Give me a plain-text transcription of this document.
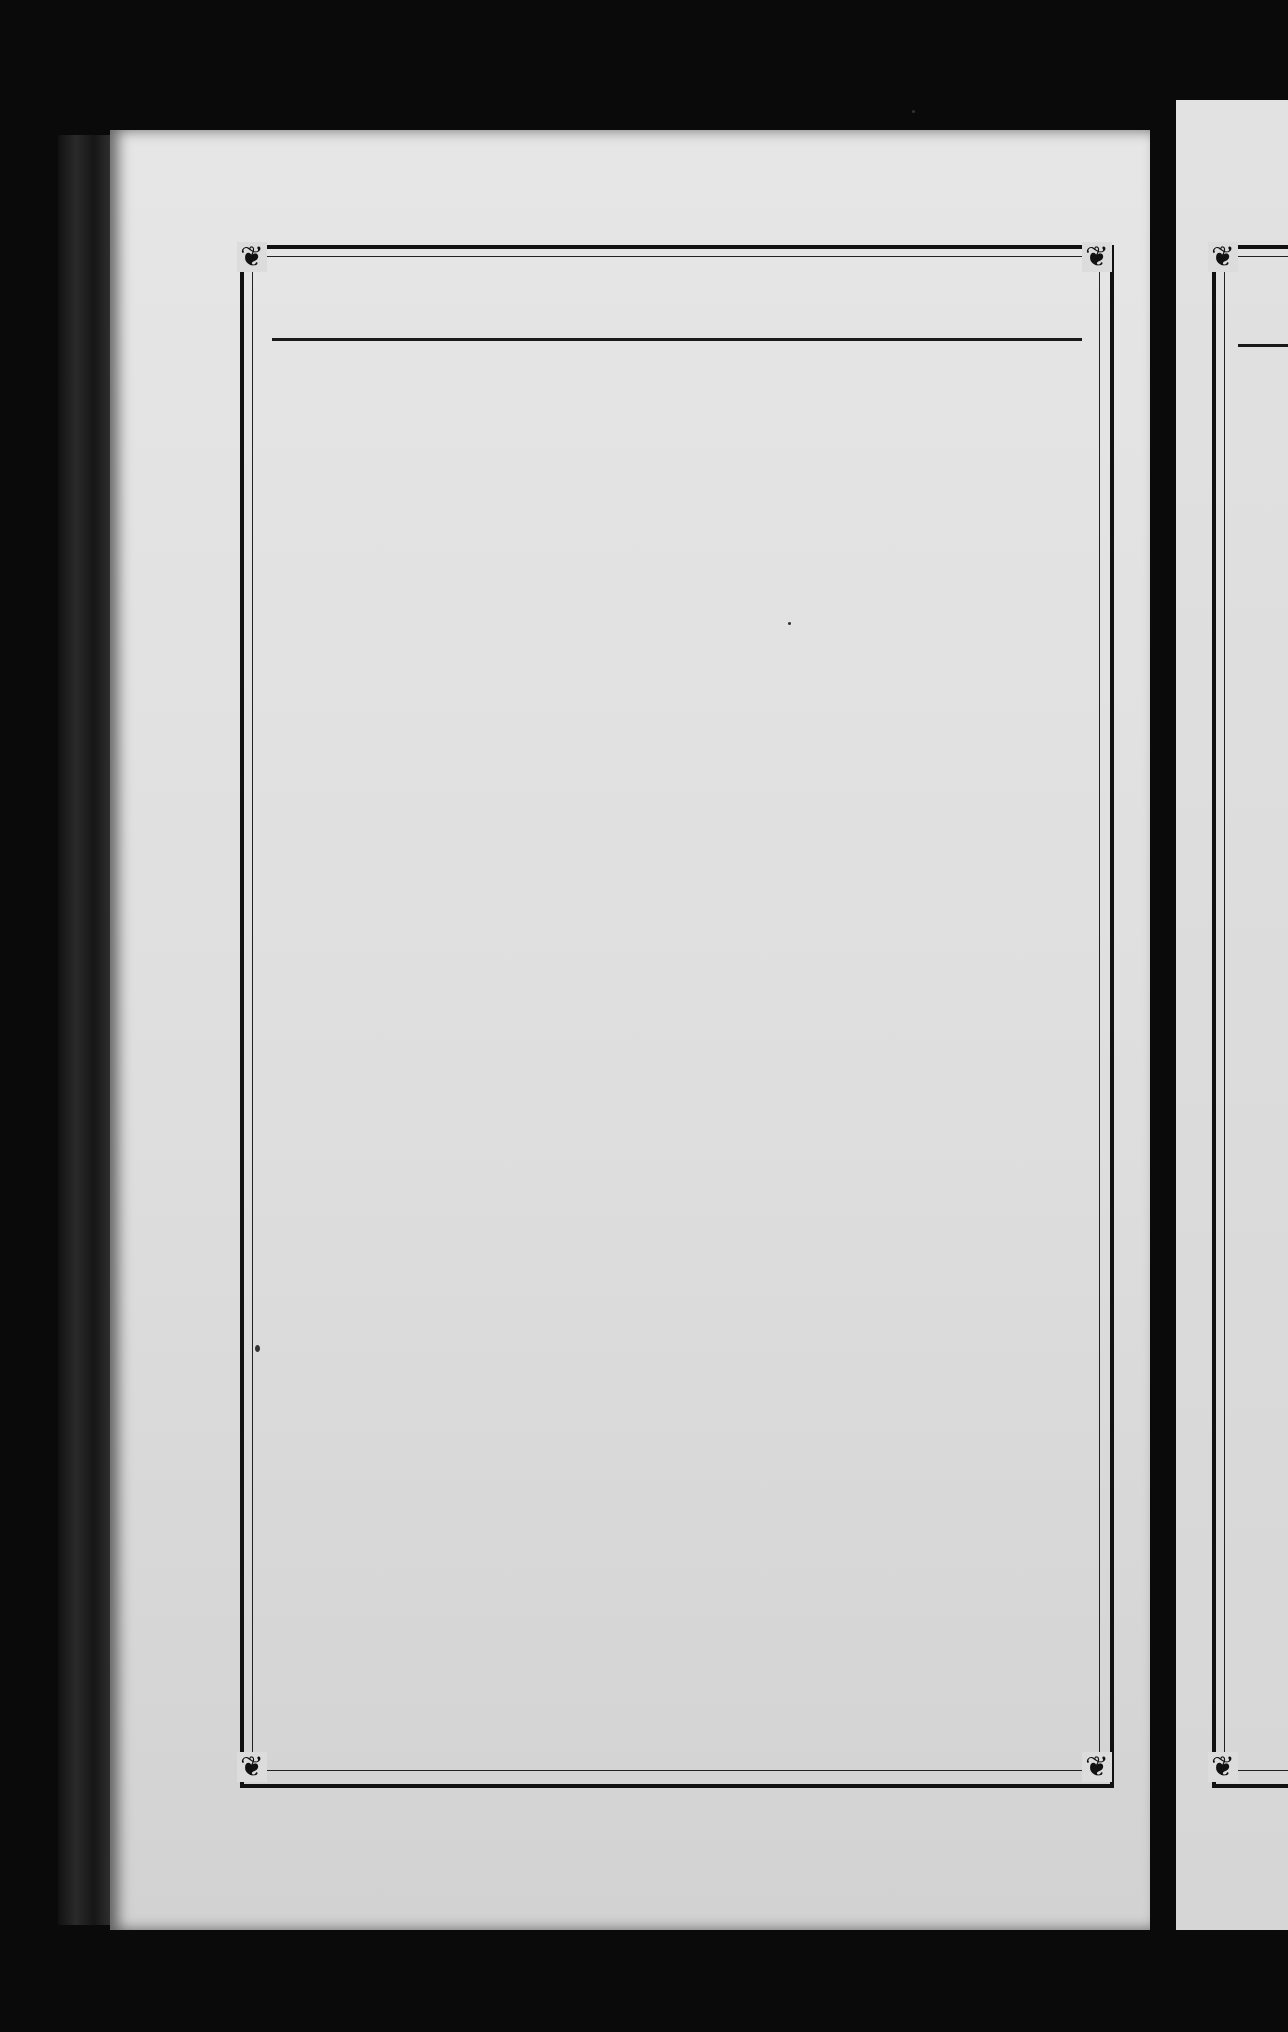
❦	❦
❦	❦
❦
❦
